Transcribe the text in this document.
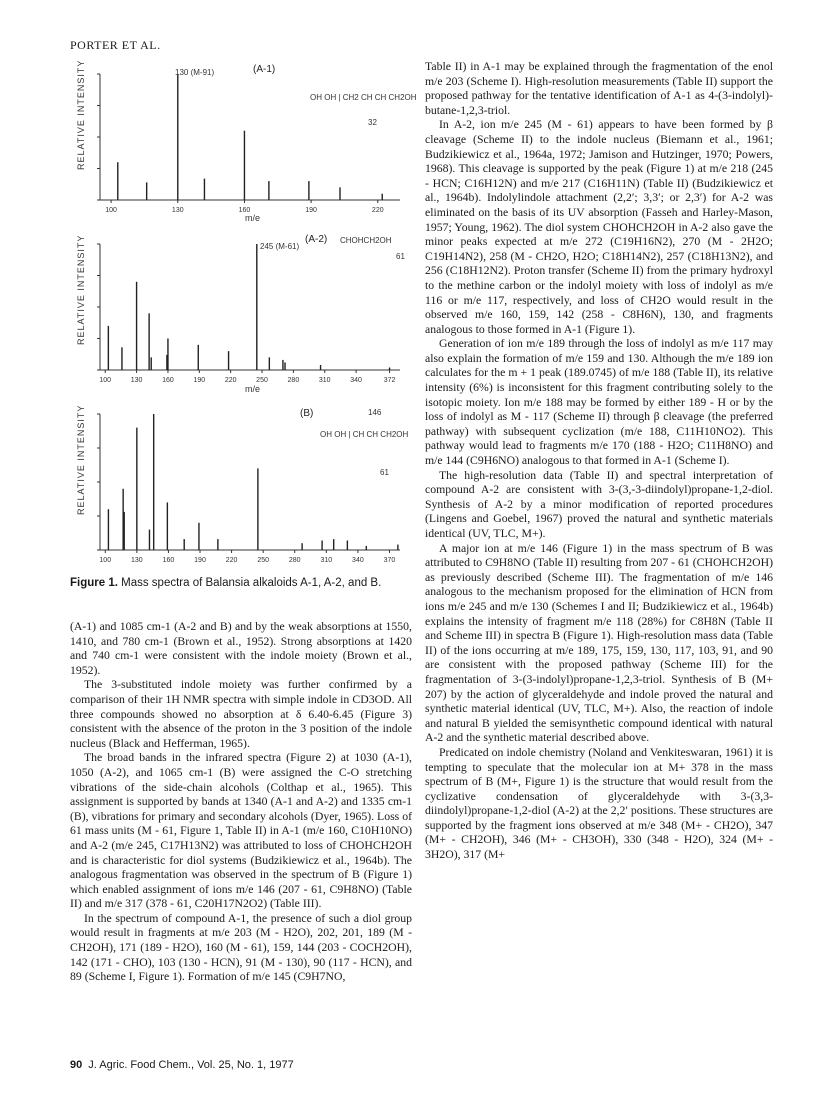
PORTER ET AL.
100	130	160	190	220
100	130	160	190	220	250	280	310	340	372
100	130	160	190	220	250	280	310	340	370
RELATIVE INTENSITY
RELATIVE INTENSITY
RELATIVE INTENSITY
(A-1)
(A-2)
(B)
OH OH | CH2 CH CH CH2OH
CHOHCH2OH
OH OH | CH CH CH2OH
130 (M-91)
245 (M-61)
146
32
61
61
m/e
m/e
Figure 1. Mass spectra of Balansia alkaloids A-1, A-2, and B.

(A-1) and 1085 cm-1 (A-2 and B) and by the weak absorptions at 1550, 1410, and 780 cm-1 (Brown et al., 1952). Strong absorptions at 1420 and 740 cm-1 were consistent with the indole moiety (Brown et al., 1952).

The 3-substituted indole moiety was further confirmed by a comparison of their 1H NMR spectra with simple indole in CD3OD. All three compounds showed no absorption at δ 6.40-6.45 (Figure 3) consistent with the absence of the proton in the 3 position of the indole nucleus (Black and Hefferman, 1965).

The broad bands in the infrared spectra (Figure 2) at 1030 (A-1), 1050 (A-2), and 1065 cm-1 (B) were assigned the C-O stretching vibrations of the side-chain alcohols (Colthap et al., 1965). This assignment is supported by bands at 1340 (A-1 and A-2) and 1335 cm-1 (B), vibrations for primary and secondary alcohols (Dyer, 1965). Loss of 61 mass units (M - 61, Figure 1, Table II) in A-1 (m/e 160, C10H10NO) and A-2 (m/e 245, C17H13N2) was attributed to loss of CHOHCH2OH and is characteristic for diol systems (Budzikiewicz et al., 1964b). The analogous fragmentation was observed in the spectrum of B (Figure 1) which enabled assignment of ions m/e 146 (207 - 61, C9H8NO) (Table II) and m/e 317 (378 - 61, C20H17N2O2) (Table III).

In the spectrum of compound A-1, the presence of such a diol group would result in fragments at m/e 203 (M - H2O), 202, 201, 189 (M - CH2OH), 171 (189 - H2O), 160 (M - 61), 159, 144 (203 - COCH2OH), 142 (171 - CHO), 103 (130 - HCN), 91 (M - 130), 90 (117 - HCN), and 89 (Scheme I, Figure 1). Formation of m/e 145 (C9H7NO,

Table II) in A-1 may be explained through the fragmentation of the enol m/e 203 (Scheme I). High-resolution measurements (Table II) support the proposed pathway for the tentative identification of A-1 as 4-(3-indolyl)-butane-1,2,3-triol.

In A-2, ion m/e 245 (M - 61) appears to have been formed by β cleavage (Scheme II) to the indole nucleus (Biemann et al., 1961; Budzikiewicz et al., 1964a, 1972; Jamison and Hutzinger, 1970; Powers, 1968). This cleavage is supported by the peak (Figure 1) at m/e 218 (245 - HCN; C16H12N) and m/e 217 (C16H11N) (Table II) (Budzikiewicz et al., 1964b). Indolylindole attachment (2,2′; 3,3′; or 2,3′) for A-2 was eliminated on the basis of its UV absorption (Fasseh and Harley-Mason, 1957; Young, 1962). The diol system CHOHCH2OH in A-2 also gave the minor peaks expected at m/e 272 (C19H16N2), 270 (M - 2H2O; C19H14N2), 258 (M - CH2O, H2O; C18H14N2), 257 (C18H13N2), and 256 (C18H12N2). Proton transfer (Scheme II) from the primary hydroxyl to the methine carbon or the indolyl moiety with loss of indolyl as m/e 116 or m/e 117, respectively, and loss of CH2O would result in the observed m/e 160, 159, 142 (258 - C8H6N), 130, and fragments analogous to those formed in A-1 (Figure 1).

Generation of ion m/e 189 through the loss of indolyl as m/e 117 may also explain the formation of m/e 159 and 130. Although the m/e 189 ion calculates for the m + 1 peak (189.0745) of m/e 188 (Table II), its relative intensity (6%) is inconsistent for this fragment contributing solely to the isotopic moiety. Ion m/e 188 may be formed by either 189 - H or by the loss of indolyl as M - 117 (Scheme II) through β cleavage (the preferred pathway) with subsequent cyclization (m/e 188, C11H10NO2). This pathway would lead to fragments m/e 170 (188 - H2O; C11H8NO) and m/e 144 (C9H6NO) analogous to that formed in A-1 (Scheme I).

The high-resolution data (Table II) and spectral interpretation of compound A-2 are consistent with 3-(3,-3-diindolyl)propane-1,2-diol. Synthesis of A-2 by a minor modification of reported procedures (Lingens and Goebel, 1967) proved the natural and synthetic materials identical (UV, TLC, M+).

A major ion at m/e 146 (Figure 1) in the mass spectrum of B was attributed to C9H8NO (Table II) resulting from 207 - 61 (CHOHCH2OH) as previously described (Scheme III). The fragmentation of m/e 146 analogous to the mechanism proposed for the elimination of HCN from ions m/e 245 and m/e 130 (Schemes I and II; Budzikiewicz et al., 1964b) explains the intensity of fragment m/e 118 (28%) for C8H8N (Table II and Scheme III) in spectra B (Figure 1). High-resolution mass data (Table II) of the ions occurring at m/e 189, 175, 159, 130, 117, 103, 91, and 90 are consistent with the proposed pathway (Scheme III) for the fragmentation of 3-(3-indolyl)propane-1,2,3-triol. Synthesis of B (M+ 207) by the action of glyceraldehyde and indole proved the natural and synthetic material identical (UV, TLC, M+). Also, the reaction of indole and natural B yielded the semisynthetic compound identical with natural A-2 and the synthetic material described above.

Predicated on indole chemistry (Noland and Venkiteswaran, 1961) it is tempting to speculate that the molecular ion at M+ 378 in the mass spectrum of B (M+, Figure 1) is the structure that would result from the cyclizative condensation of glyceraldehyde with 3-(3,3-diindolyl)propane-1,2-diol (A-2) at the 2,2′ positions. These structures are supported by the fragment ions observed at m/e 348 (M+ - CH2O), 347 (M+ - CH2OH), 346 (M+ - CH3OH), 330 (348 - H2O), 324 (M+ - 3H2O), 317 (M+

90 J. Agric. Food Chem., Vol. 25, No. 1, 1977
